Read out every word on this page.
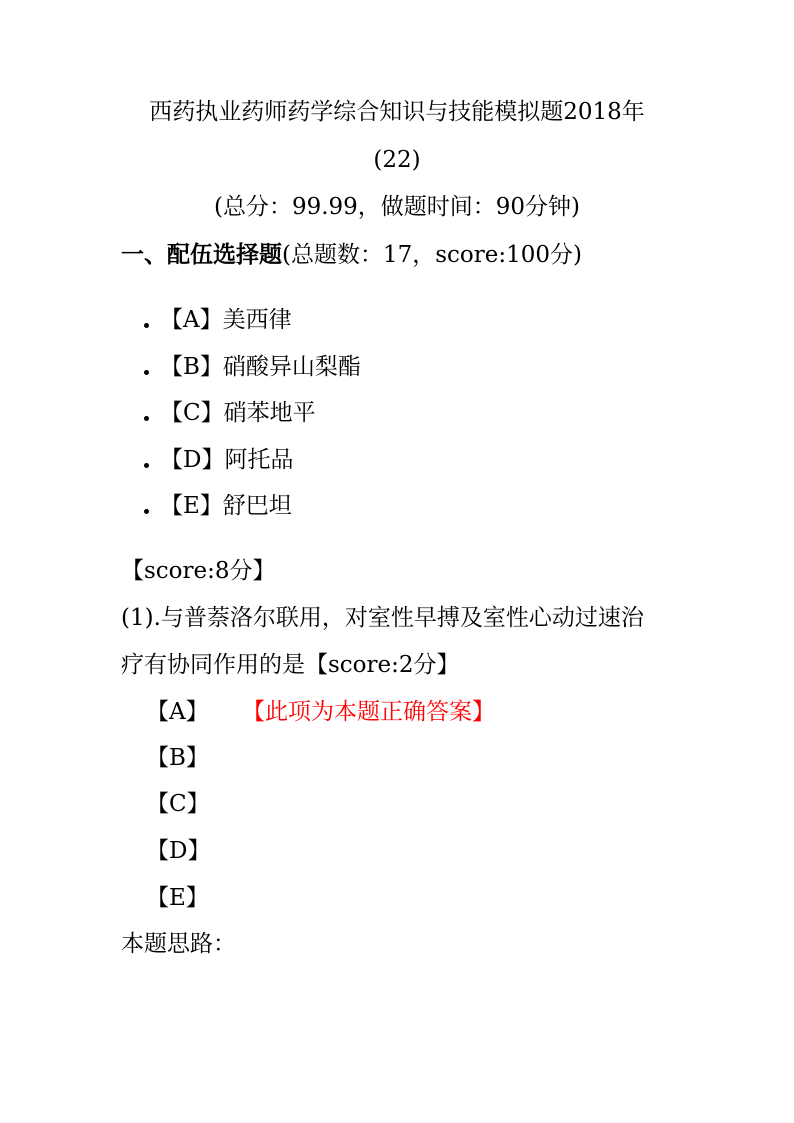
西药执业药师药学综合知识与技能模拟题2018年
(22)
(总分：99.99，做题时间：90分钟)
一、配伍选择题(总题数：17，score:100分)
【A】美西律
【B】硝酸异山梨酯
【C】硝苯地平
【D】阿托品
【E】舒巴坦
【score:8分】
(1).与普萘洛尔联用，对室性早搏及室性心动过速治
疗有协同作用的是【score:2分】
【A】 【此项为本题正确答案】
【B】
【C】
【D】
【E】
本题思路：
